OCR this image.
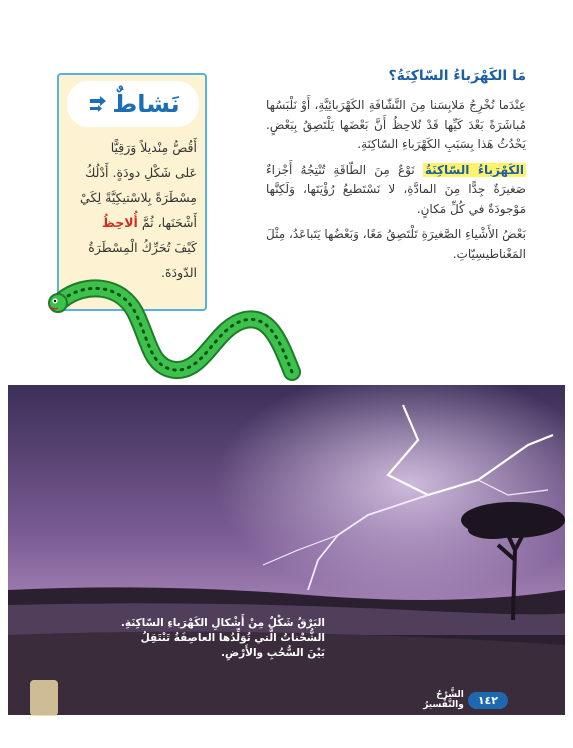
نَشاطٌ
أَقُصُّ مِنْديلاً وَرَقِيًّا
عَلى شَكْلِ دودَةٍ. أَدْلُكُ
مِسْطَرَةً بِلاسْتيكِيَّةً لِكَيْ
أَشْحَنَها، ثُمَّ أُلاحِظُ
كَيْفَ تُحَرِّكُ الْمِسْطَرَةُ
الدّودَةَ.
مَا الكَهْرَباءُ السّاكِنَةُ؟

عِنْدَما نُخْرِجُ مَلابِسَنا مِنَ النَّشّافَةِ الكَهْرَبائِيَّةِ، أَوْ نَلْبَسُها مُباشَرَةً بَعْدَ كَيِّها قَدْ نُلاحِظُ أَنَّ بَعْضَها يَلْتَصِقُ بِبَعْضٍ. يَحْدُثُ هَذا بِسَبَبِ الكَهْرَباءِ السّاكِنَةِ.

الكَهْرَباءُ السّاكِنَةُ نَوْعٌ مِنَ الطّاقَةِ تُنْتِجُهُ أَجْزاءٌ صَغيرَةٌ جِدًّا مِنَ المادَّةِ، لا نَسْتَطيعُ رُؤْيَتَها، وَلَكِنَّها مَوْجودَةٌ في كُلِّ مَكانٍ.

بَعْضُ الأَشْياءِ الصَّغيرَةِ تَلْتَصِقُ مَعًا، وَبَعْضُها يَتَباعَدُ، مِثْلَ المَغْناطيسِيّاتِ.

البَرْقُ شَكْلٌ مِنْ أَشْكالِ الكَهْرَباءِ السّاكِنَةِ.
الشُّحْناتُ الَّتي تُوَلِّدُها العاصِفَةُ تَنْتَقِلُ
بَيْنَ السُّحُبِ والأَرْضِ.
١٤٢
الشَّرْحُ والتَّفْسيرُ
